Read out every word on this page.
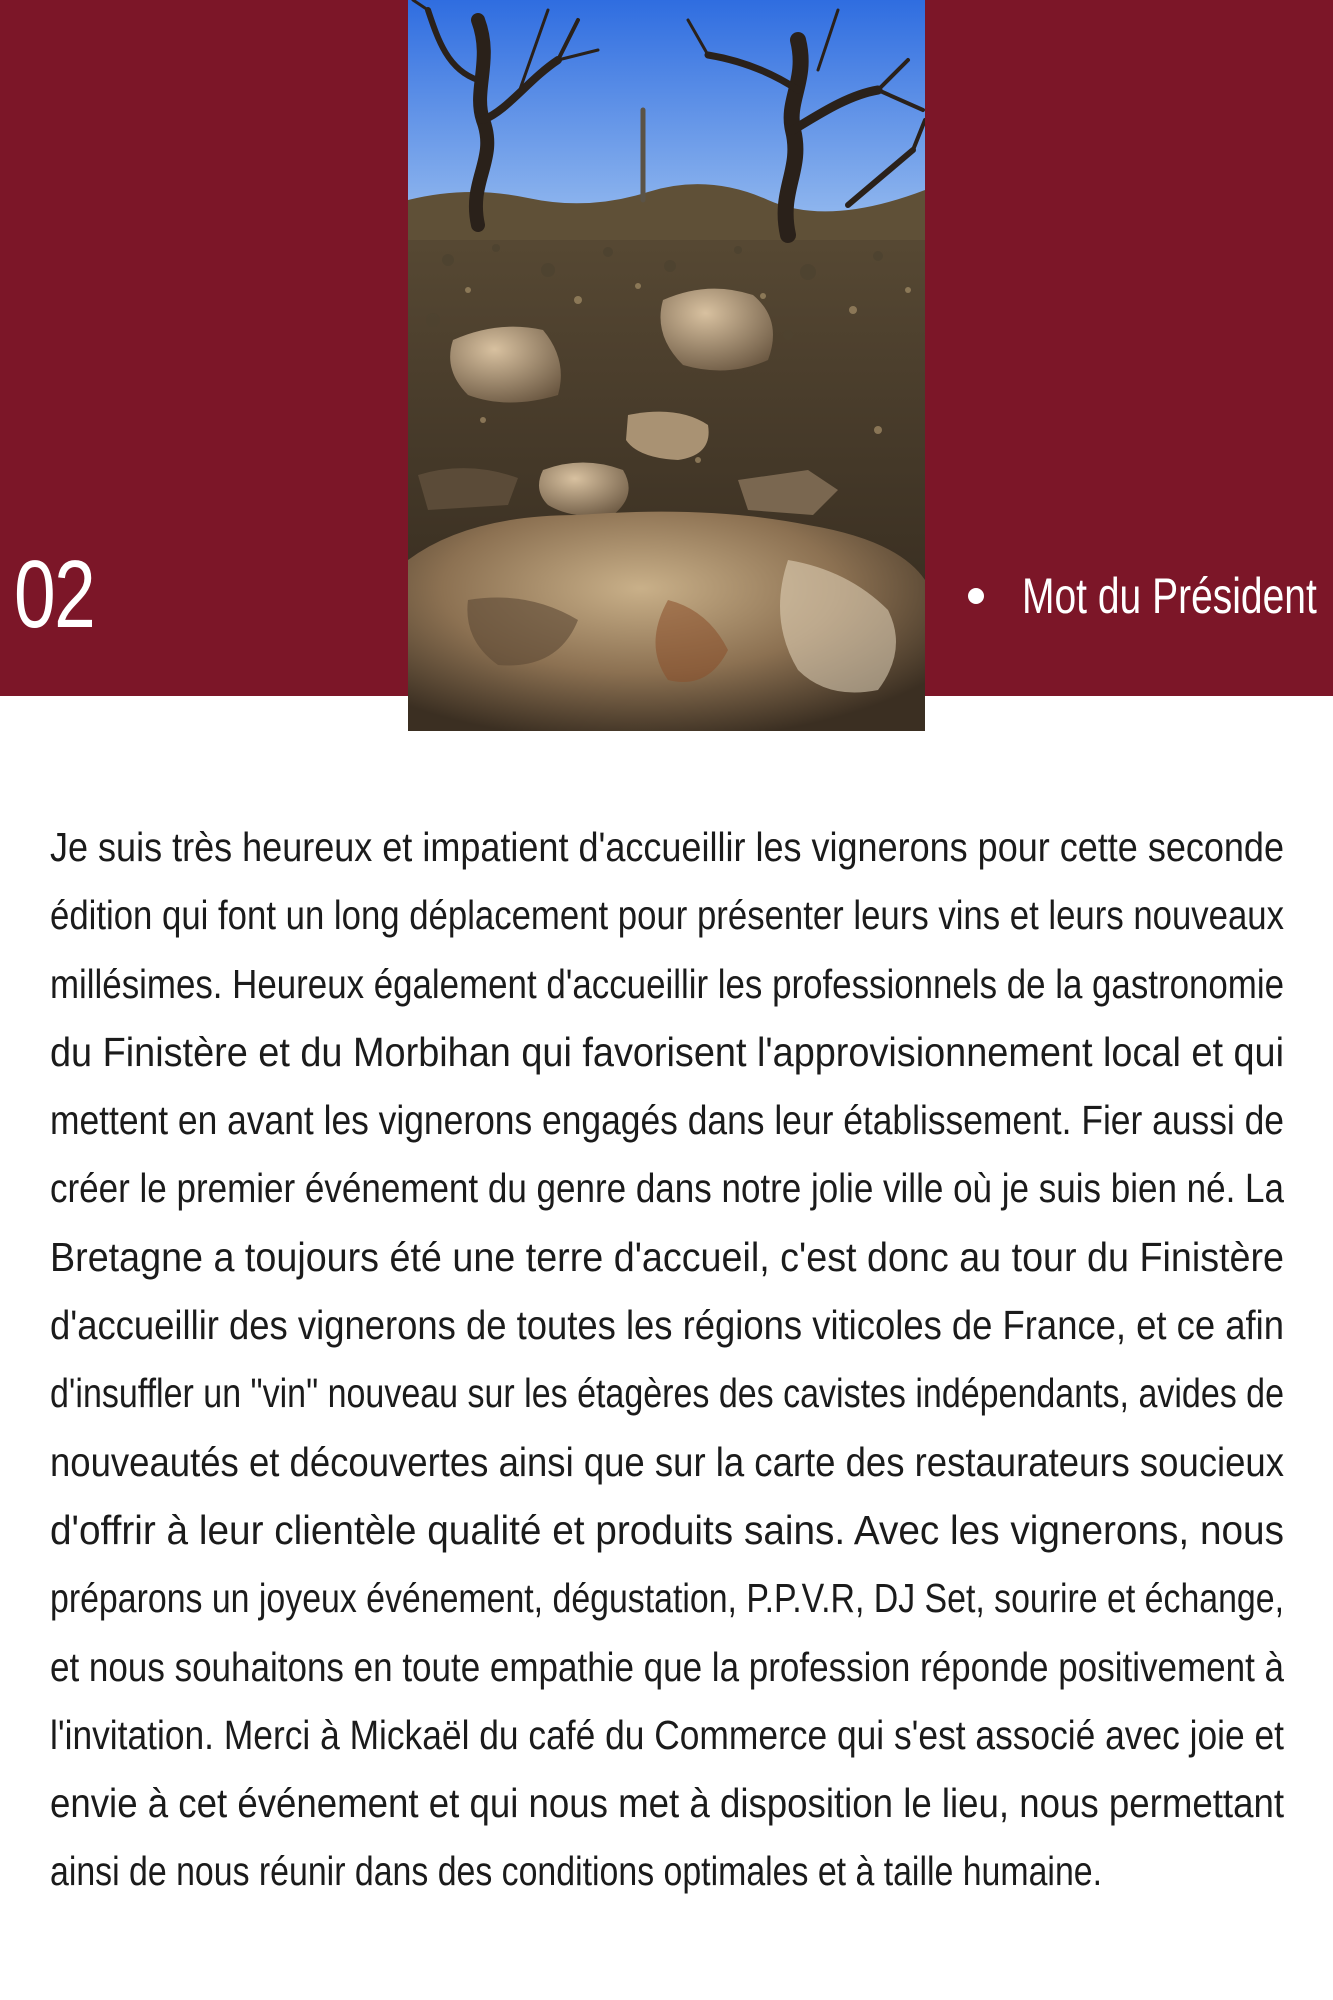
02	Mot du Président
Je suis très heureux et impatient d'accueillir les vignerons pour cette seconde
édition qui font un long déplacement pour présenter leurs vins et leurs nouveaux
millésimes. Heureux également d'accueillir les professionnels de la gastronomie
du Finistère et du Morbihan qui favorisent l'approvisionnement local et qui
mettent en avant les vignerons engagés dans leur établissement. Fier aussi de
créer le premier événement du genre dans notre jolie ville où je suis bien né. La
Bretagne a toujours été une terre d'accueil, c'est donc au tour du Finistère
d'accueillir des vignerons de toutes les régions viticoles de France, et ce afin
d'insuffler un "vin" nouveau sur les étagères des cavistes indépendants, avides de
nouveautés et découvertes ainsi que sur la carte des restaurateurs soucieux
d'offrir à leur clientèle qualité et produits sains. Avec les vignerons, nous
préparons un joyeux événement, dégustation, P.P.V.R, DJ Set, sourire et échange,
et nous souhaitons en toute empathie que la profession réponde positivement à
l'invitation. Merci à Mickaël du café du Commerce qui s'est associé avec joie et
envie à cet événement et qui nous met à disposition le lieu, nous permettant
ainsi de nous réunir dans des conditions optimales et à taille humaine.
